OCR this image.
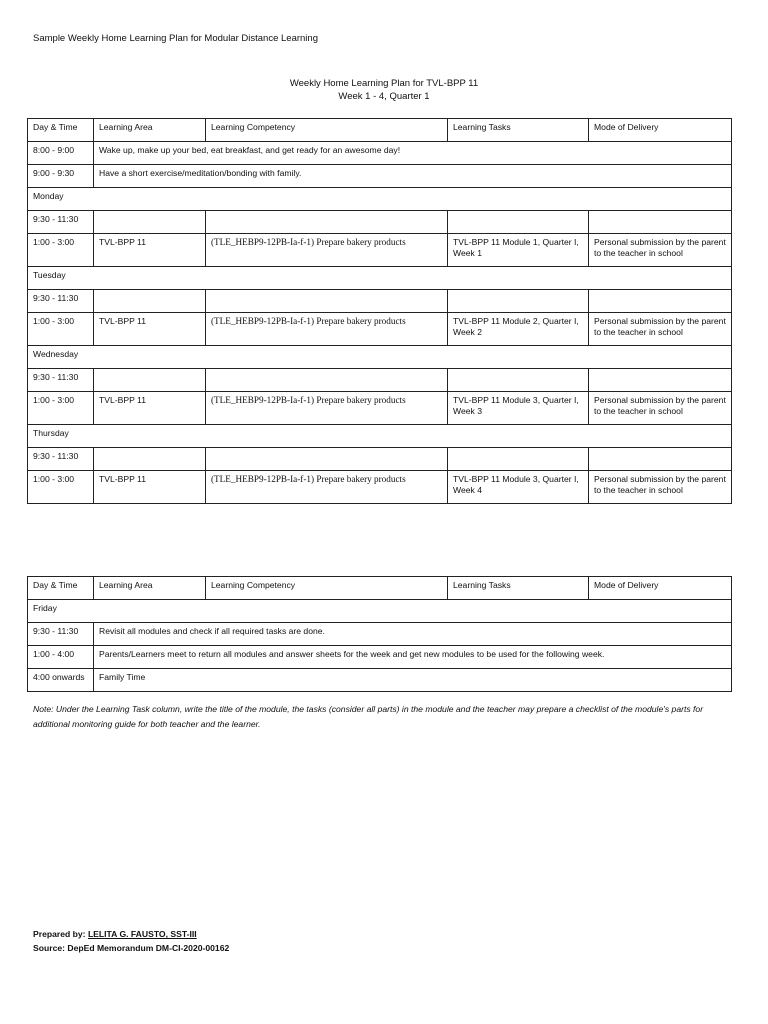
Sample Weekly Home Learning Plan for Modular Distance Learning
Weekly Home Learning Plan for TVL-BPP 11
Week 1 - 4, Quarter 1
Day & Time	Learning Area	Learning Competency	Learning Tasks	Mode of Delivery
8:00 - 9:00	Wake up, make up your bed, eat breakfast, and get ready for an awesome day!			
9:00 - 9:30	Have a short exercise/meditation/bonding with family.			
Monday				
9:30 - 11:30				
1:00 - 3:00	TVL-BPP 11	(TLE_HEBP9-12PB-Ia-f-1) Prepare bakery products	TVL-BPP 11 Module 1, Quarter I, Week 1	Personal submission by the parent to the teacher in school
Tuesday				
9:30 - 11:30				
1:00 - 3:00	TVL-BPP 11	(TLE_HEBP9-12PB-Ia-f-1) Prepare bakery products	TVL-BPP 11 Module 2, Quarter I, Week 2	Personal submission by the parent to the teacher in school
Wednesday				
9:30 - 11:30				
1:00 - 3:00	TVL-BPP 11	(TLE_HEBP9-12PB-Ia-f-1) Prepare bakery products	TVL-BPP 11 Module 3, Quarter I, Week 3	Personal submission by the parent to the teacher in school
Thursday				
9:30 - 11:30				
1:00 - 3:00	TVL-BPP 11	(TLE_HEBP9-12PB-Ia-f-1) Prepare bakery products	TVL-BPP 11 Module 3, Quarter I, Week 4	Personal submission by the parent to the teacher in school
Day & Time	Learning Area	Learning Competency	Learning Tasks	Mode of Delivery
Friday				
9:30 - 11:30	Revisit all modules and check if all required tasks are done.			
1:00 - 4:00	Parents/Learners meet to return all modules and answer sheets for the week and get new modules to be used for the following week.			
4:00 onwards	Family Time			
Note: Under the Learning Task column, write the title of the module, the tasks (consider all parts) in the module and the teacher may prepare a checklist of the module's parts for additional monitoring guide for both teacher and the learner.
Prepared by: LELITA G. FAUSTO, SST-III
Source: DepEd Memorandum DM-CI-2020-00162
